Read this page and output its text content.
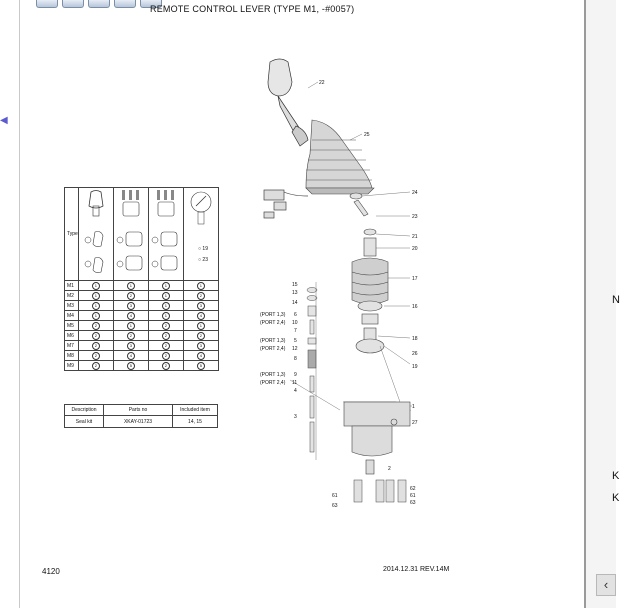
N
K
K
‹
◀
REMOTE CONTROL LEVER (TYPE M1, -#0057)
Type				

M1	1	1	1	1
M2	1	2	1	2
M3	1	3	1	3
M4	1	4	1	4
M5	2	1	2	1
M6	2	2	2	2
M7	2	3	2	3
M8	2	4	2	4
M9	2	5	2	5
○ 19
○ 23
Description	Parts no	Included item
Seal kit	XKAY-01723	14, 15
22
25
24
23
21
20
17
16
18
26
19
1
27
2
15
13
14
6
10
7
5
12
8
9
11
4
3
62
61
63
61
63
(PORT 1,3)
(PORT 2,4)
(PORT 1,3)
(PORT 2,4)
(PORT 1,3)
(PORT 2,4)
4120	2014.12.31 REV.14M
